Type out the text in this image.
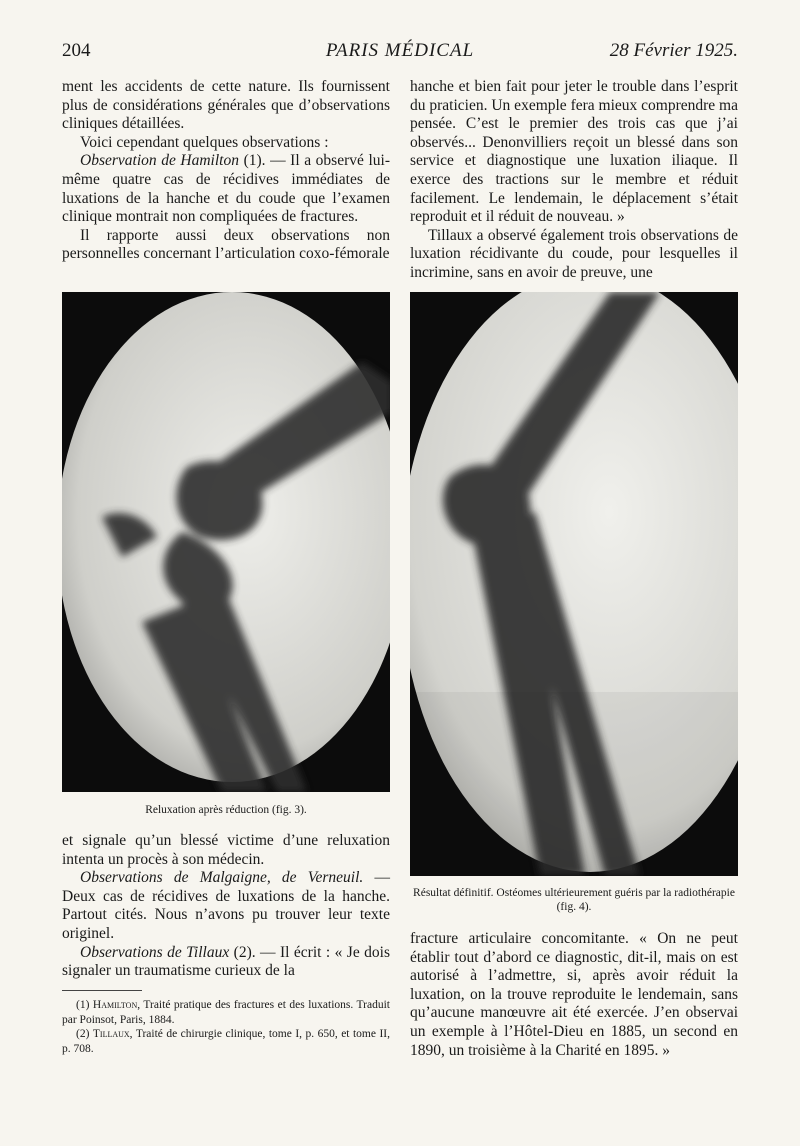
204	PARIS MÉDICAL	28 Février 1925.

ment les accidents de cette nature. Ils fournissent plus de considérations générales que d’observations cliniques détaillées.

Voici cependant quelques observations :

Observation de Hamilton (1). — Il a observé lui-même quatre cas de récidives immédiates de luxations de la hanche et du coude que l’examen clinique montrait non compliquées de fractures.

Il rapporte aussi deux observations non personnelles concernant l’articulation coxo-fémorale

hanche et bien fait pour jeter le trouble dans l’esprit du praticien. Un exemple fera mieux comprendre ma pensée. C’est le premier des trois cas que j’ai observés... Denonvilliers reçoit un blessé dans son service et diagnostique une luxation iliaque. Il exerce des tractions sur le membre et réduit facilement. Le lendemain, le déplacement s’était reproduit et il réduit de nouveau. »

Tillaux a observé également trois observations de luxation récidivante du coude, pour lesquelles il incrimine, sans en avoir de preuve, une

Reluxation après réduction (fig. 3).
Résultat définitif. Ostéomes ultérieurement guéris par la radiothérapie (fig. 4).

et signale qu’un blessé victime d’une reluxation intenta un procès à son médecin.

Observations de Malgaigne, de Verneuil. — Deux cas de récidives de luxations de la hanche. Partout cités. Nous n’avons pu trouver leur texte originel.

Observations de Tillaux (2). — Il écrit : « Je dois signaler un traumatisme curieux de la

fracture articulaire concomitante. « On ne peut établir tout d’abord ce diagnostic, dit-il, mais on est autorisé à l’admettre, si, après avoir réduit la luxation, on la trouve reproduite le lendemain, sans qu’aucune manœuvre ait été exercée. J’en observai un exemple à l’Hôtel-Dieu en 1885, un second en 1890, un troisième à la Charité en 1895. »

(1) Hamilton, Traité pratique des fractures et des luxations. Traduit par Poinsot, Paris, 1884.

(2) Tillaux, Traité de chirurgie clinique, tome I, p. 650, et tome II, p. 708.
